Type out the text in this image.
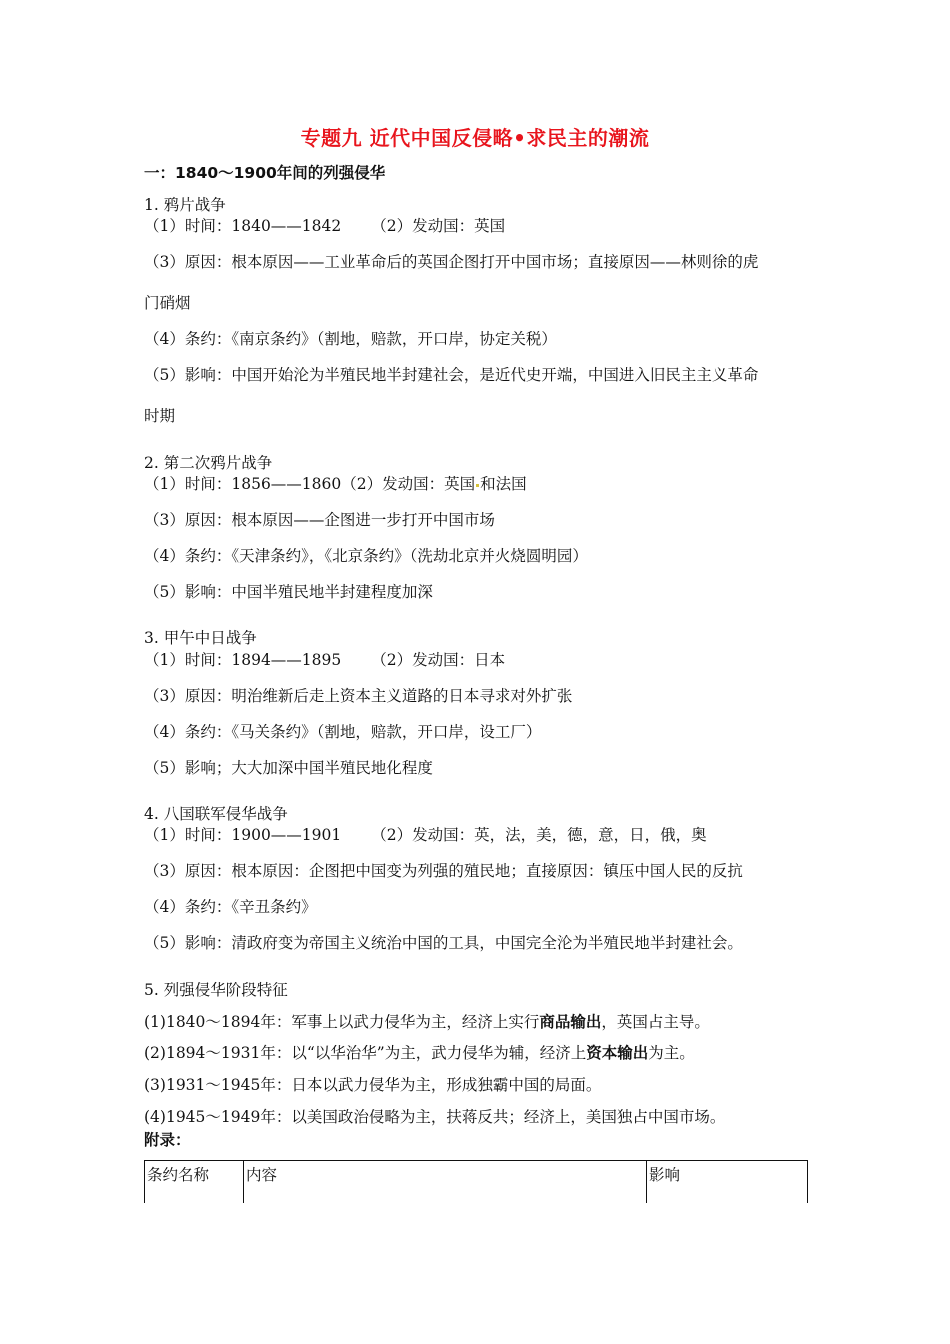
专题九 近代中国反侵略•求民主的潮流
一：1840～1900年间的列强侵华
1. 鸦片战争
（1）时间：1840——1842 （2）发动国：英国
（3）原因：根本原因——工业革命后的英国企图打开中国市场；直接原因——林则徐的虎
门硝烟
（4）条约：《南京条约》（割地，赔款，开口岸，协定关税）
（5）影响：中国开始沦为半殖民地半封建社会，是近代史开端，中国进入旧民主主义革命
时期
2. 第二次鸦片战争
（1）时间：1856——1860（2）发动国：英国 和法国
（3）原因：根本原因——企图进一步打开中国市场
（4）条约：《天津条约》，《北京条约》（洗劫北京并火烧圆明园）
（5）影响：中国半殖民地半封建程度加深
3. 甲午中日战争
（1）时间：1894——1895 （2）发动国：日本
（3）原因：明治维新后走上资本主义道路的日本寻求对外扩张
（4）条约：《马关条约》（割地，赔款，开口岸，设工厂）
（5）影响；大大加深中国半殖民地化程度
4. 八国联军侵华战争
（1）时间：1900——1901 （2）发动国：英，法，美，德，意，日，俄，奥
（3）原因：根本原因：企图把中国变为列强的殖民地；直接原因：镇压中国人民的反抗
（4）条约：《辛丑条约》
（5）影响：清政府变为帝国主义统治中国的工具，中国完全沦为半殖民地半封建社会。
5. 列强侵华阶段特征
(1)1840～1894年：军事上以武力侵华为主，经济上实行商品输出，英国占主导。
(2)1894～1931年：以“以华治华”为主，武力侵华为辅，经济上资本输出为主。
(3)1931～1945年：日本以武力侵华为主，形成独霸中国的局面。
(4)1945～1949年：以美国政治侵略为主，扶蒋反共；经济上，美国独占中国市场。
附录：
条约名称	内容	影响
